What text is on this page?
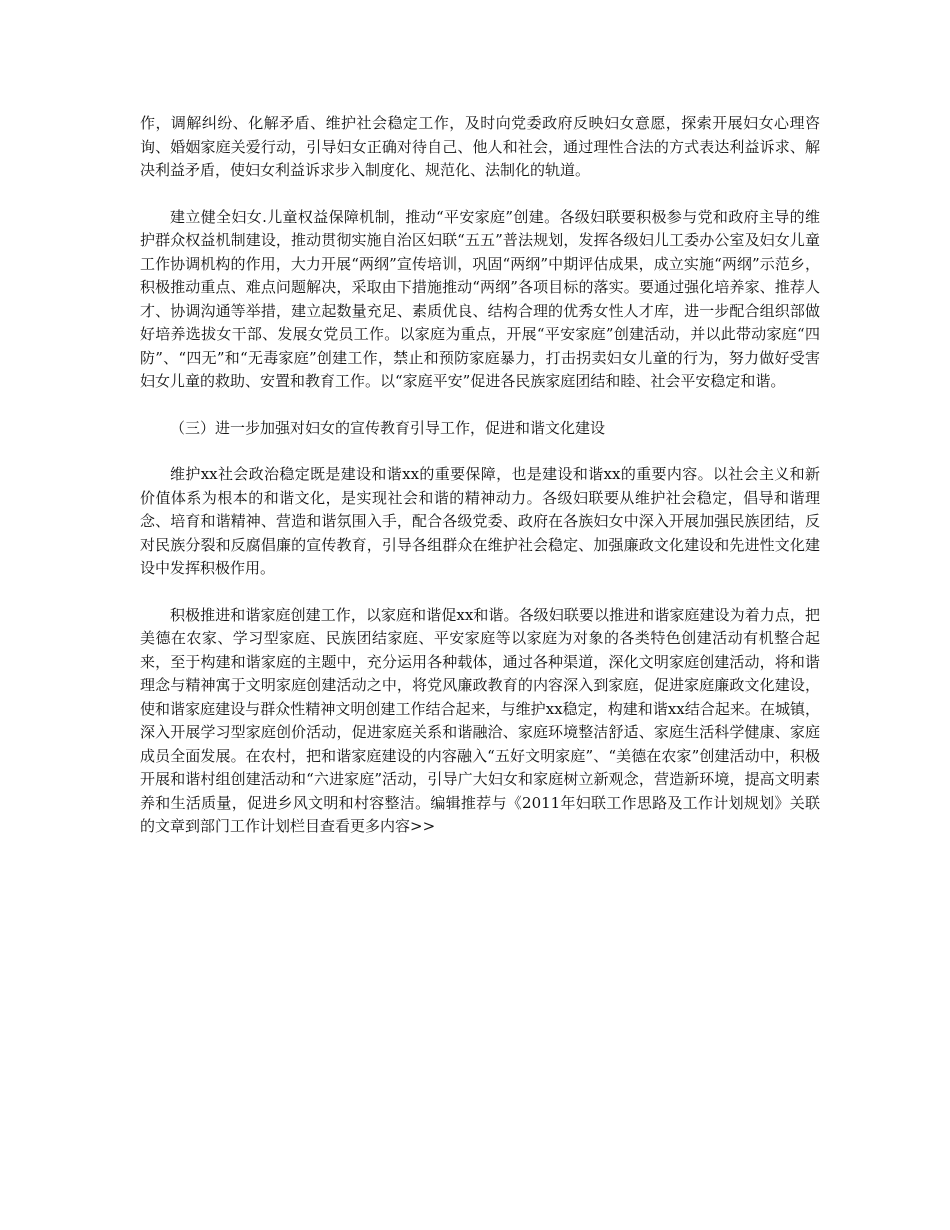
作，调解纠纷、化解矛盾、维护社会稳定工作，及时向党委政府反映妇女意愿，探索开展妇女心理咨询、婚姻家庭关爱行动，引导妇女正确对待自己、他人和社会，通过理性合法的方式表达利益诉求、解决利益矛盾，使妇女利益诉求步入制度化、规范化、法制化的轨道。

建立健全妇女.儿童权益保障机制，推动“平安家庭”创建。各级妇联要积极参与党和政府主导的维护群众权益机制建设，推动贯彻实施自治区妇联“五五”普法规划，发挥各级妇儿工委办公室及妇女儿童工作协调机构的作用，大力开展“两纲”宣传培训，巩固“两纲”中期评估成果，成立实施“两纲”示范乡，积极推动重点、难点问题解决，采取由下措施推动“两纲”各项目标的落实。要通过强化培养家、推荐人才、协调沟通等举措，建立起数量充足、素质优良、结构合理的优秀女性人才库，进一步配合组织部做好培养选拔女干部、发展女党员工作。以家庭为重点，开展“平安家庭”创建活动，并以此带动家庭“四防”、“四无”和“无毒家庭”创建工作，禁止和预防家庭暴力，打击拐卖妇女儿童的行为，努力做好受害妇女儿童的救助、安置和教育工作。以“家庭平安”促进各民族家庭团结和睦、社会平安稳定和谐。

（三）进一步加强对妇女的宣传教育引导工作，促进和谐文化建设

维护xx社会政治稳定既是建设和谐xx的重要保障，也是建设和谐xx的重要内容。以社会主义和新价值体系为根本的和谐文化，是实现社会和谐的精神动力。各级妇联要从维护社会稳定，倡导和谐理念、培育和谐精神、营造和谐氛围入手，配合各级党委、政府在各族妇女中深入开展加强民族团结，反对民族分裂和反腐倡廉的宣传教育，引导各组群众在维护社会稳定、加强廉政文化建设和先进性文化建设中发挥积极作用。

积极推进和谐家庭创建工作，以家庭和谐促xx和谐。各级妇联要以推进和谐家庭建设为着力点，把美德在农家、学习型家庭、民族团结家庭、平安家庭等以家庭为对象的各类特色创建活动有机整合起来，至于构建和谐家庭的主题中，充分运用各种载体，通过各种渠道，深化文明家庭创建活动，将和谐理念与精神寓于文明家庭创建活动之中，将党风廉政教育的内容深入到家庭，促进家庭廉政文化建设，使和谐家庭建设与群众性精神文明创建工作结合起来，与维护xx稳定，构建和谐xx结合起来。在城镇，深入开展学习型家庭创价活动，促进家庭关系和谐融洽、家庭环境整洁舒适、家庭生活科学健康、家庭成员全面发展。在农村，把和谐家庭建设的内容融入“五好文明家庭”、“美德在农家”创建活动中，积极开展和谐村组创建活动和“六进家庭”活动，引导广大妇女和家庭树立新观念，营造新环境，提高文明素养和生活质量，促进乡风文明和村容整洁。编辑推荐与《2011年妇联工作思路及工作计划规划》关联的文章到部门工作计划栏目查看更多内容>>
